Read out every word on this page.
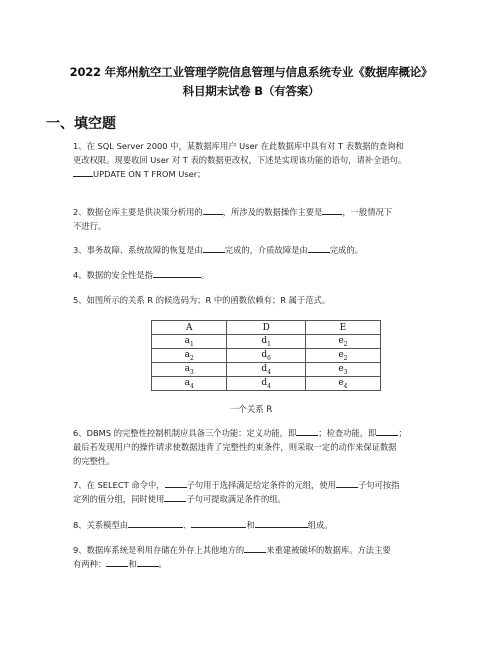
2022 年郑州航空工业管理学院信息管理与信息系统专业《数据库概论》
科目期末试卷 B（有答案）
一、填空题
1、在 SQL Server 2000 中，某数据库用户 User 在此数据库中具有对 T 表数据的查询和
更改权限。现要收回 User 对 T 表的数据更改权，下述是实现该功能的语句，请补全语句。
UPDATE ON T FROM User；
2、数据仓库主要是供决策分析用的 ，所涉及的数据操作主要是 ，一般情况下
不进行。
3、事务故障、系统故障的恢复是由	完成的，介质故障是由	完成的。
4、数据的安全性是指	。
5、如图所示的关系 R 的候选码为；R 中的函数依赖有；R 属于范式。
A	D	E
$a_1$	$d_1$	$e_2$
$a_2$	$d_6$	$e_2$
$a_3$	$d_4$	$e_3$
$a_4$	$d_4$	$e_4$
一个关系 R
6、DBMS 的完整性控制机制应具备三个功能：定义功能，即	；检查功能，即	；
最后若发现用户的操作请求使数据违背了完整性约束条件，则采取一定的动作来保证数据
的完整性。
7、在 SELECT 命令中，	子句用于选择满足给定条件的元组，使用	子句可按指
定列的值分组，同时使用	子句可提取满足条件的组。
8、关系模型由	、	和	组成。
9、数据库系统是利用存储在外存上其他地方的	来重建被破坏的数据库。方法主要
有两种：	和	。
